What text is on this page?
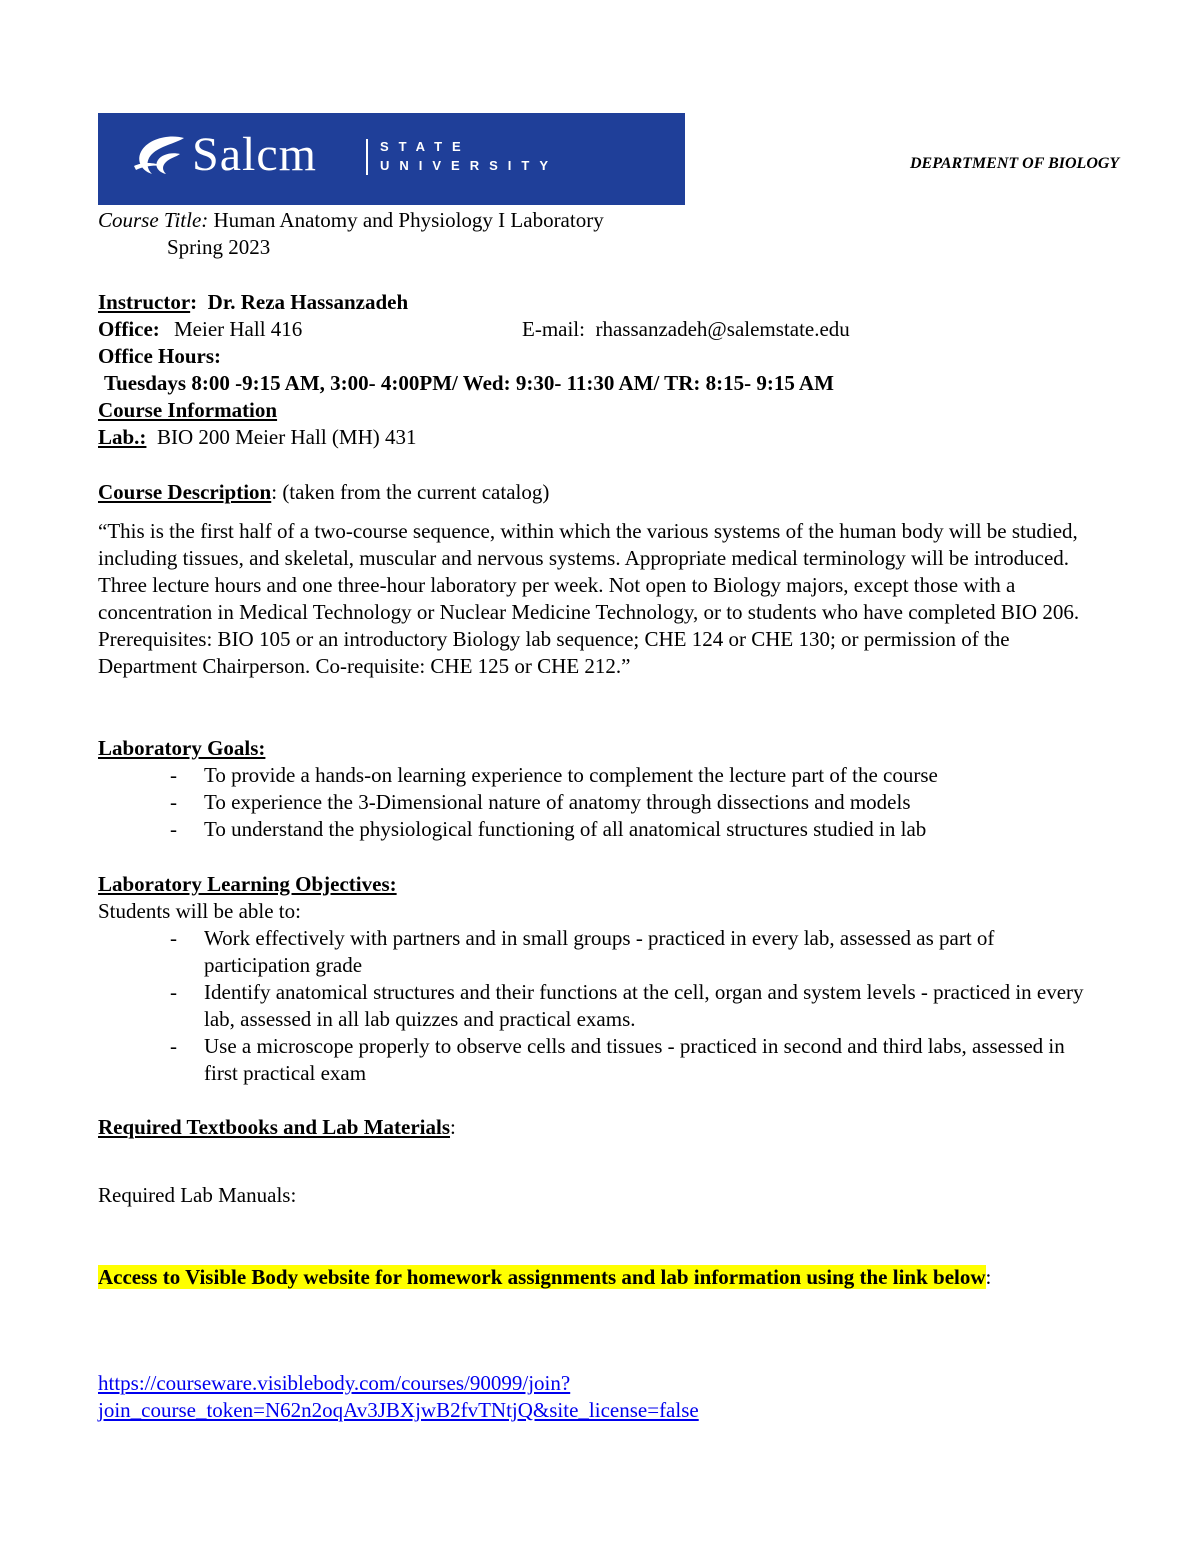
Salcm	STATE
UNIVERSITY	DEPARTMENT OF BIOLOGY
Course Title: Human Anatomy and Physiology I Laboratory
Spring 2023
Instructor: Dr. Reza Hassanzadeh
Office: Meier Hall 416	E-mail: rhassanzadeh@salemstate.edu
Office Hours:
Tuesdays 8:00 -9:15 AM, 3:00- 4:00PM/ Wed: 9:30- 11:30 AM/ TR: 8:15- 9:15 AM
Course Information
Lab.: BIO 200 Meier Hall (MH) 431
Course Description: (taken from the current catalog)
“This is the first half of a two-course sequence, within which the various systems of the human body will be studied, including tissues, and skeletal, muscular and nervous systems. Appropriate medical terminology will be introduced. Three lecture hours and one three-hour laboratory per week. Not open to Biology majors, except those with a concentration in Medical Technology or Nuclear Medicine Technology, or to students who have completed BIO 206. Prerequisites: BIO 105 or an introductory Biology lab sequence; CHE 124 or CHE 130; or permission of the Department Chairperson. Co-requisite: CHE 125 or CHE 212.”
Laboratory Goals:
- To provide a hands-on learning experience to complement the lecture part of the course
- To experience the 3-Dimensional nature of anatomy through dissections and models
- To understand the physiological functioning of all anatomical structures studied in lab
Laboratory Learning Objectives:
Students will be able to:
- Work effectively with partners and in small groups - practiced in every lab, assessed as part of participation grade
- Identify anatomical structures and their functions at the cell, organ and system levels - practiced in every lab, assessed in all lab quizzes and practical exams.
- Use a microscope properly to observe cells and tissues - practiced in second and third labs, assessed in first practical exam
Required Textbooks and Lab Materials:
Required Lab Manuals:
Access to Visible Body website for homework assignments and lab information using the link below:
https://courseware.visiblebody.com/courses/90099/join?
join_course_token=N62n2oqAv3JBXjwB2fvTNtjQ&site_license=false
